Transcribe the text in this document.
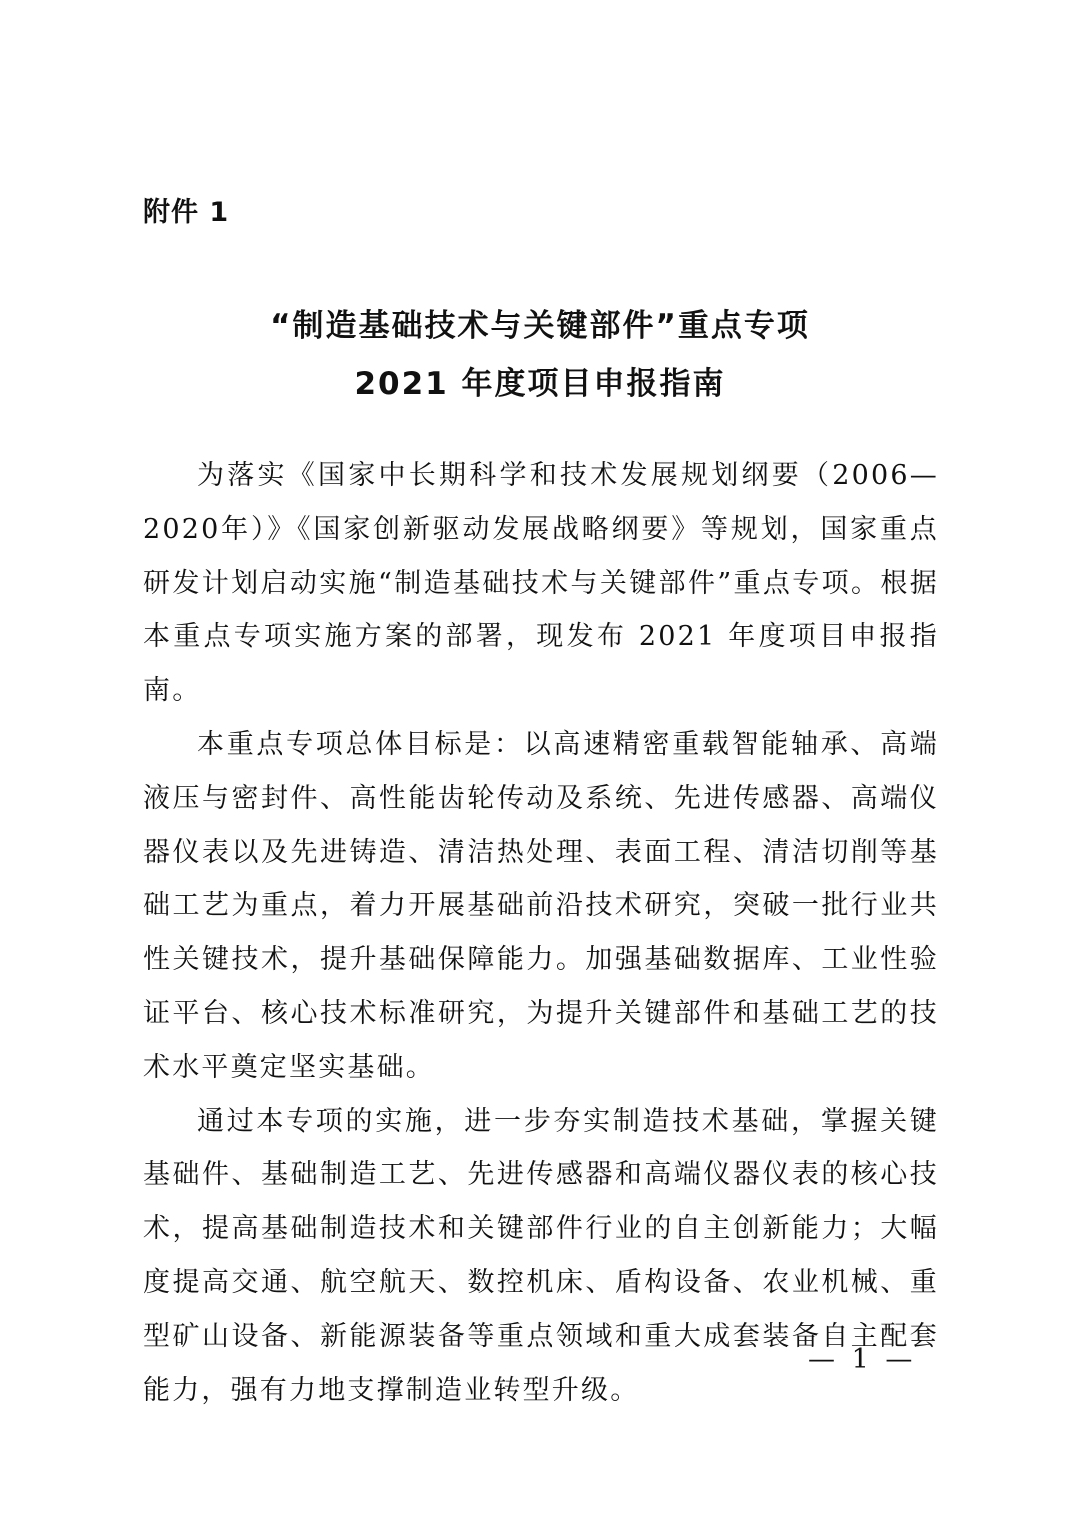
附件 1
“制造基础技术与关键部件”重点专项
2021 年度项目申报指南

为落实《国家中长期科学和技术发展规划纲要（2006—2020年）》《国家创新驱动发展战略纲要》等规划，国家重点研发计划启动实施“制造基础技术与关键部件”重点专项。根据本重点专项实施方案的部署，现发布 2021 年度项目申报指南。

本重点专项总体目标是：以高速精密重载智能轴承、高端液压与密封件、高性能齿轮传动及系统、先进传感器、高端仪器仪表以及先进铸造、清洁热处理、表面工程、清洁切削等基础工艺为重点，着力开展基础前沿技术研究，突破一批行业共性关键技术，提升基础保障能力。加强基础数据库、工业性验证平台、核心技术标准研究，为提升关键部件和基础工艺的技术水平奠定坚实基础。

通过本专项的实施，进一步夯实制造技术基础，掌握关键基础件、基础制造工艺、先进传感器和高端仪器仪表的核心技术，提高基础制造技术和关键部件行业的自主创新能力；大幅度提高交通、航空航天、数控机床、盾构设备、农业机械、重型矿山设备、新能源装备等重点领域和重大成套装备自主配套能力，强有力地支撑制造业转型升级。

— 1 —
